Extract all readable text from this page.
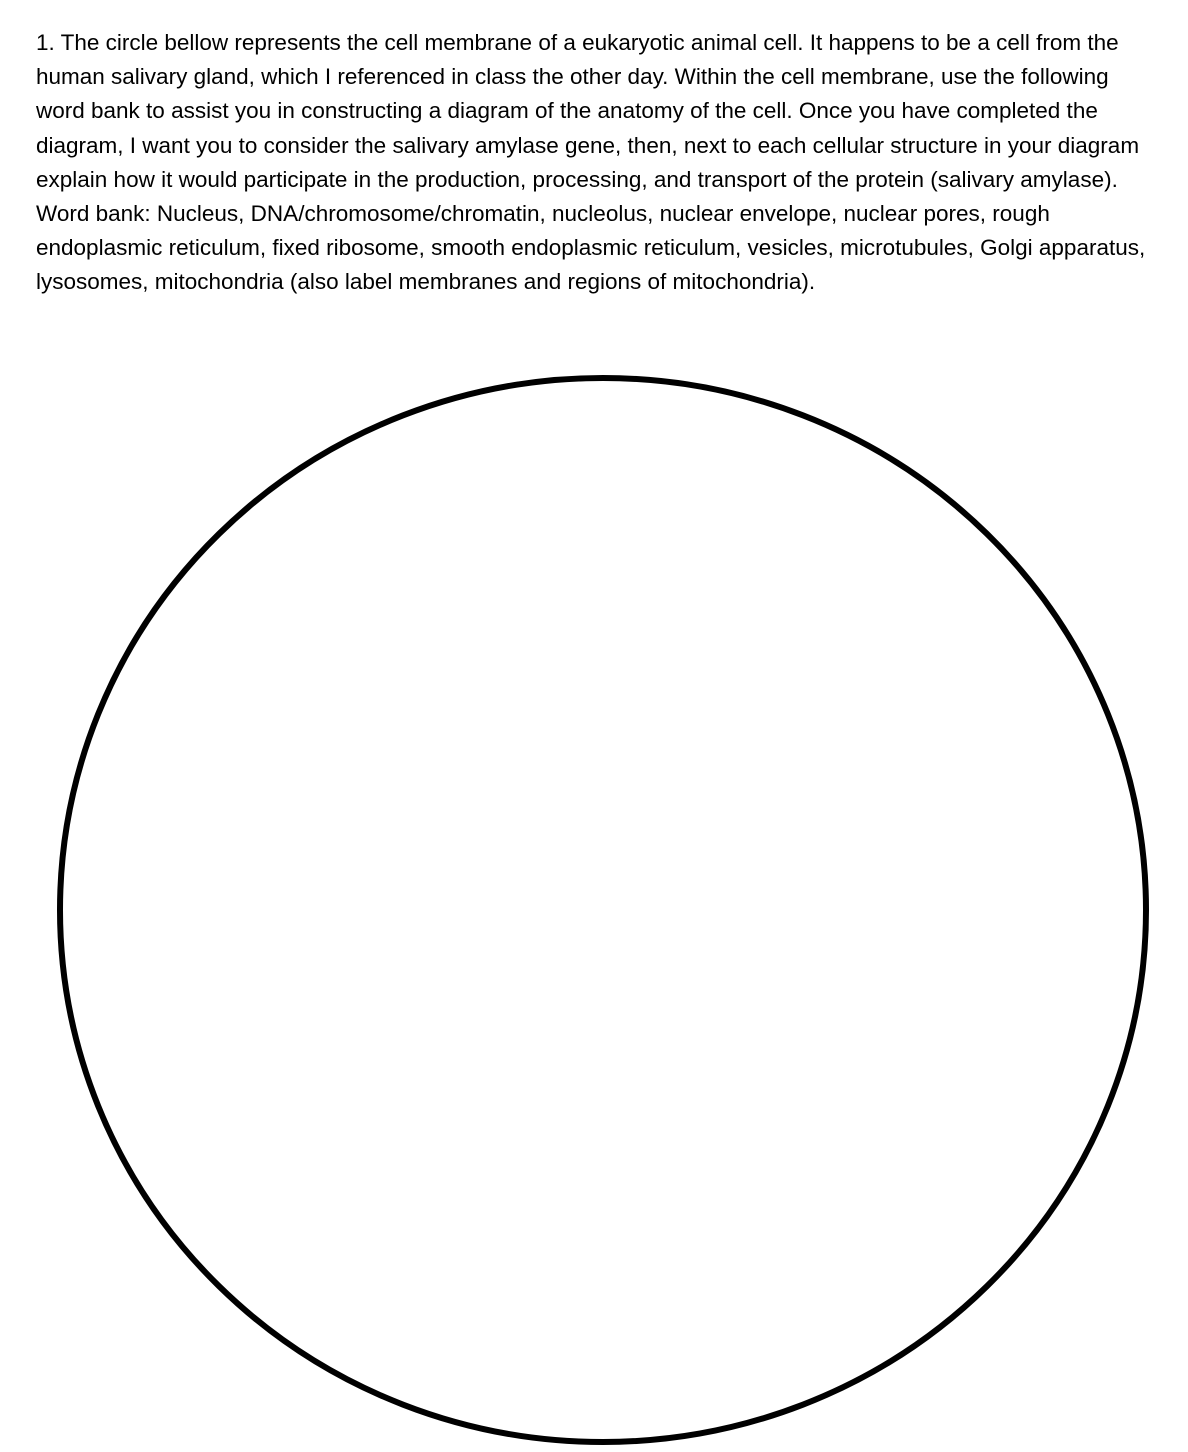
1. The circle bellow represents the cell membrane of a eukaryotic animal cell. It happens to be a cell from the human salivary gland, which I referenced in class the other day. Within the cell membrane, use the following word bank to assist you in constructing a diagram of the anatomy of the cell. Once you have completed the diagram, I want you to consider the salivary amylase gene, then, next to each cellular structure in your diagram explain how it would participate in the production, processing, and transport of the protein (salivary amylase). Word bank: Nucleus, DNA/chromosome/chromatin, nucleolus, nuclear envelope, nuclear pores, rough endoplasmic reticulum, fixed ribosome, smooth endoplasmic reticulum, vesicles, microtubules, Golgi apparatus, lysosomes, mitochondria (also label membranes and regions of mitochondria).
